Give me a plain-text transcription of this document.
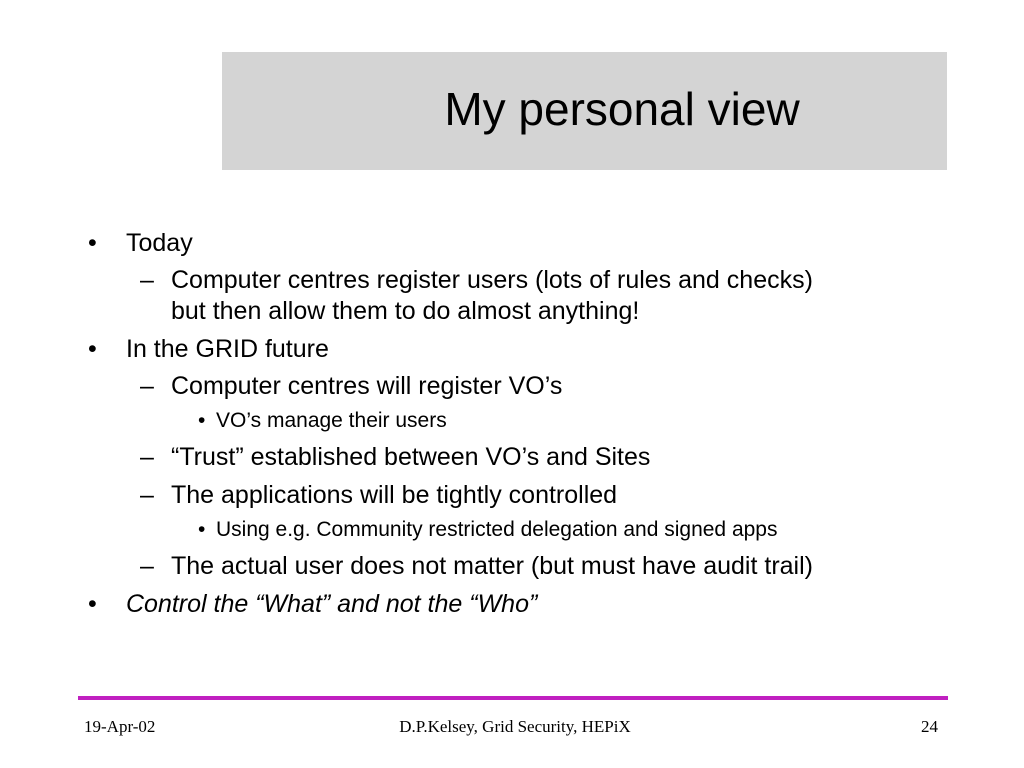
My personal view
• Today
– Computer centres register users (lots of rules and checks)
but then allow them to do almost anything!
• In the GRID future
– Computer centres will register VO’s
• VO’s manage their users
– “Trust” established between VO’s and Sites
– The applications will be tightly controlled
• Using e.g. Community restricted delegation and signed apps
– The actual user does not matter (but must have audit trail)
• Control the “What” and not the “Who”
19-Apr-02	D.P.Kelsey, Grid Security, HEPiX	24
